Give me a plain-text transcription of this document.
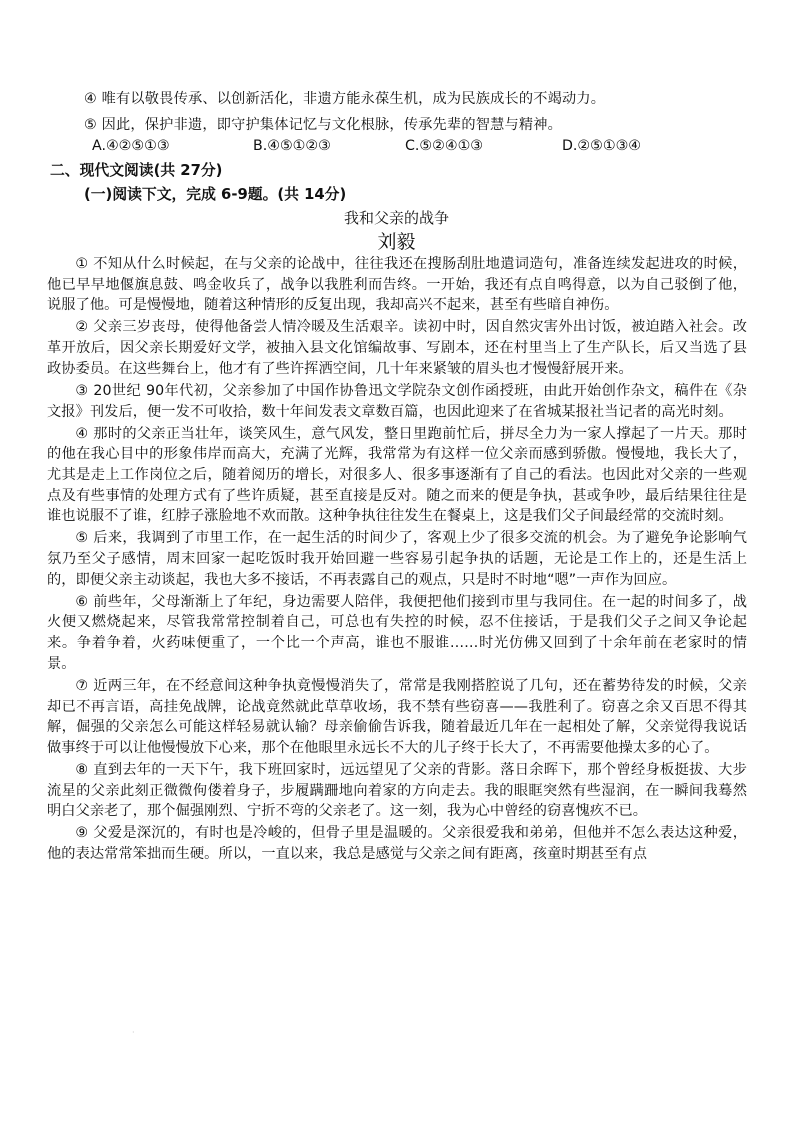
④ 唯有以敬畏传承、以创新活化，非遗方能永葆生机，成为民族成长的不竭动力。
⑤ 因此，保护非遗，即守护集体记忆与文化根脉，传承先辈的智慧与精神。
A.④②⑤①③	B.④⑤①②③	C.⑤②④①③	D.②⑤①③④
二、现代文阅读(共 27分)
(一)阅读下文，完成 6-9题。(共 14分)
我和父亲的战争
刘毅

① 不知从什么时候起，在与父亲的论战中，往往我还在搜肠刮肚地遣词造句，准备连续发起进攻的时候，他已早早地偃旗息鼓、鸣金收兵了，战争以我胜利而告终。一开始，我还有点自鸣得意，以为自己驳倒了他，说服了他。可是慢慢地，随着这种情形的反复出现，我却高兴不起来，甚至有些暗自神伤。

② 父亲三岁丧母，使得他备尝人情冷暖及生活艰辛。读初中时，因自然灾害外出讨饭，被迫踏入社会。改革开放后，因父亲长期爱好文学，被抽入县文化馆编故事、写剧本，还在村里当上了生产队长，后又当选了县政协委员。在这些舞台上，他才有了些许挥洒空间，几十年来紧皱的眉头也才慢慢舒展开来。

③ 20世纪 90年代初，父亲参加了中国作协鲁迅文学院杂文创作函授班，由此开始创作杂文，稿件在《杂文报》刊发后，便一发不可收拾，数十年间发表文章数百篇，也因此迎来了在省城某报社当记者的高光时刻。

④ 那时的父亲正当壮年，谈笑风生，意气风发，整日里跑前忙后，拼尽全力为一家人撑起了一片天。那时的他在我心目中的形象伟岸而高大，充满了光辉，我常常为有这样一位父亲而感到骄傲。慢慢地，我长大了，尤其是走上工作岗位之后，随着阅历的增长，对很多人、很多事逐渐有了自己的看法。也因此对父亲的一些观点及有些事情的处理方式有了些许质疑，甚至直接是反对。随之而来的便是争执，甚或争吵，最后结果往往是谁也说服不了谁，红脖子涨脸地不欢而散。这种争执往往发生在餐桌上，这是我们父子间最经常的交流时刻。

⑤ 后来，我调到了市里工作，在一起生活的时间少了，客观上少了很多交流的机会。为了避免争论影响气氛乃至父子感情，周末回家一起吃饭时我开始回避一些容易引起争执的话题，无论是工作上的，还是生活上的，即便父亲主动谈起，我也大多不接话，不再表露自己的观点，只是时不时地“嗯”一声作为回应。

⑥ 前些年，父母渐渐上了年纪，身边需要人陪伴，我便把他们接到市里与我同住。在一起的时间多了，战火便又燃烧起来，尽管我常常控制着自己，可总也有失控的时候，忍不住接话，于是我们父子之间又争论起来。争着争着，火药味便重了，一个比一个声高，谁也不服谁……时光仿佛又回到了十余年前在老家时的情景。

⑦ 近两三年，在不经意间这种争执竟慢慢消失了，常常是我刚搭腔说了几句，还在蓄势待发的时候，父亲却已不再言语，高挂免战牌，论战竟然就此草草收场，我不禁有些窃喜——我胜利了。窃喜之余又百思不得其解，倔强的父亲怎么可能这样轻易就认输？母亲偷偷告诉我，随着最近几年在一起相处了解，父亲觉得我说话做事终于可以让他慢慢放下心来，那个在他眼里永远长不大的儿子终于长大了，不再需要他操太多的心了。

⑧ 直到去年的一天下午，我下班回家时，远远望见了父亲的背影。落日余晖下，那个曾经身板挺拔、大步流星的父亲此刻正微微佝偻着身子，步履蹒跚地向着家的方向走去。我的眼眶突然有些湿润，在一瞬间我蓦然明白父亲老了，那个倔强刚烈、宁折不弯的父亲老了。这一刻，我为心中曾经的窃喜愧疚不已。

⑨ 父爱是深沉的，有时也是冷峻的，但骨子里是温暖的。父亲很爱我和弟弟，但他并不怎么表达这种爱，他的表达常常笨拙而生硬。所以，一直以来，我总是感觉与父亲之间有距离，孩童时期甚至有点

·
